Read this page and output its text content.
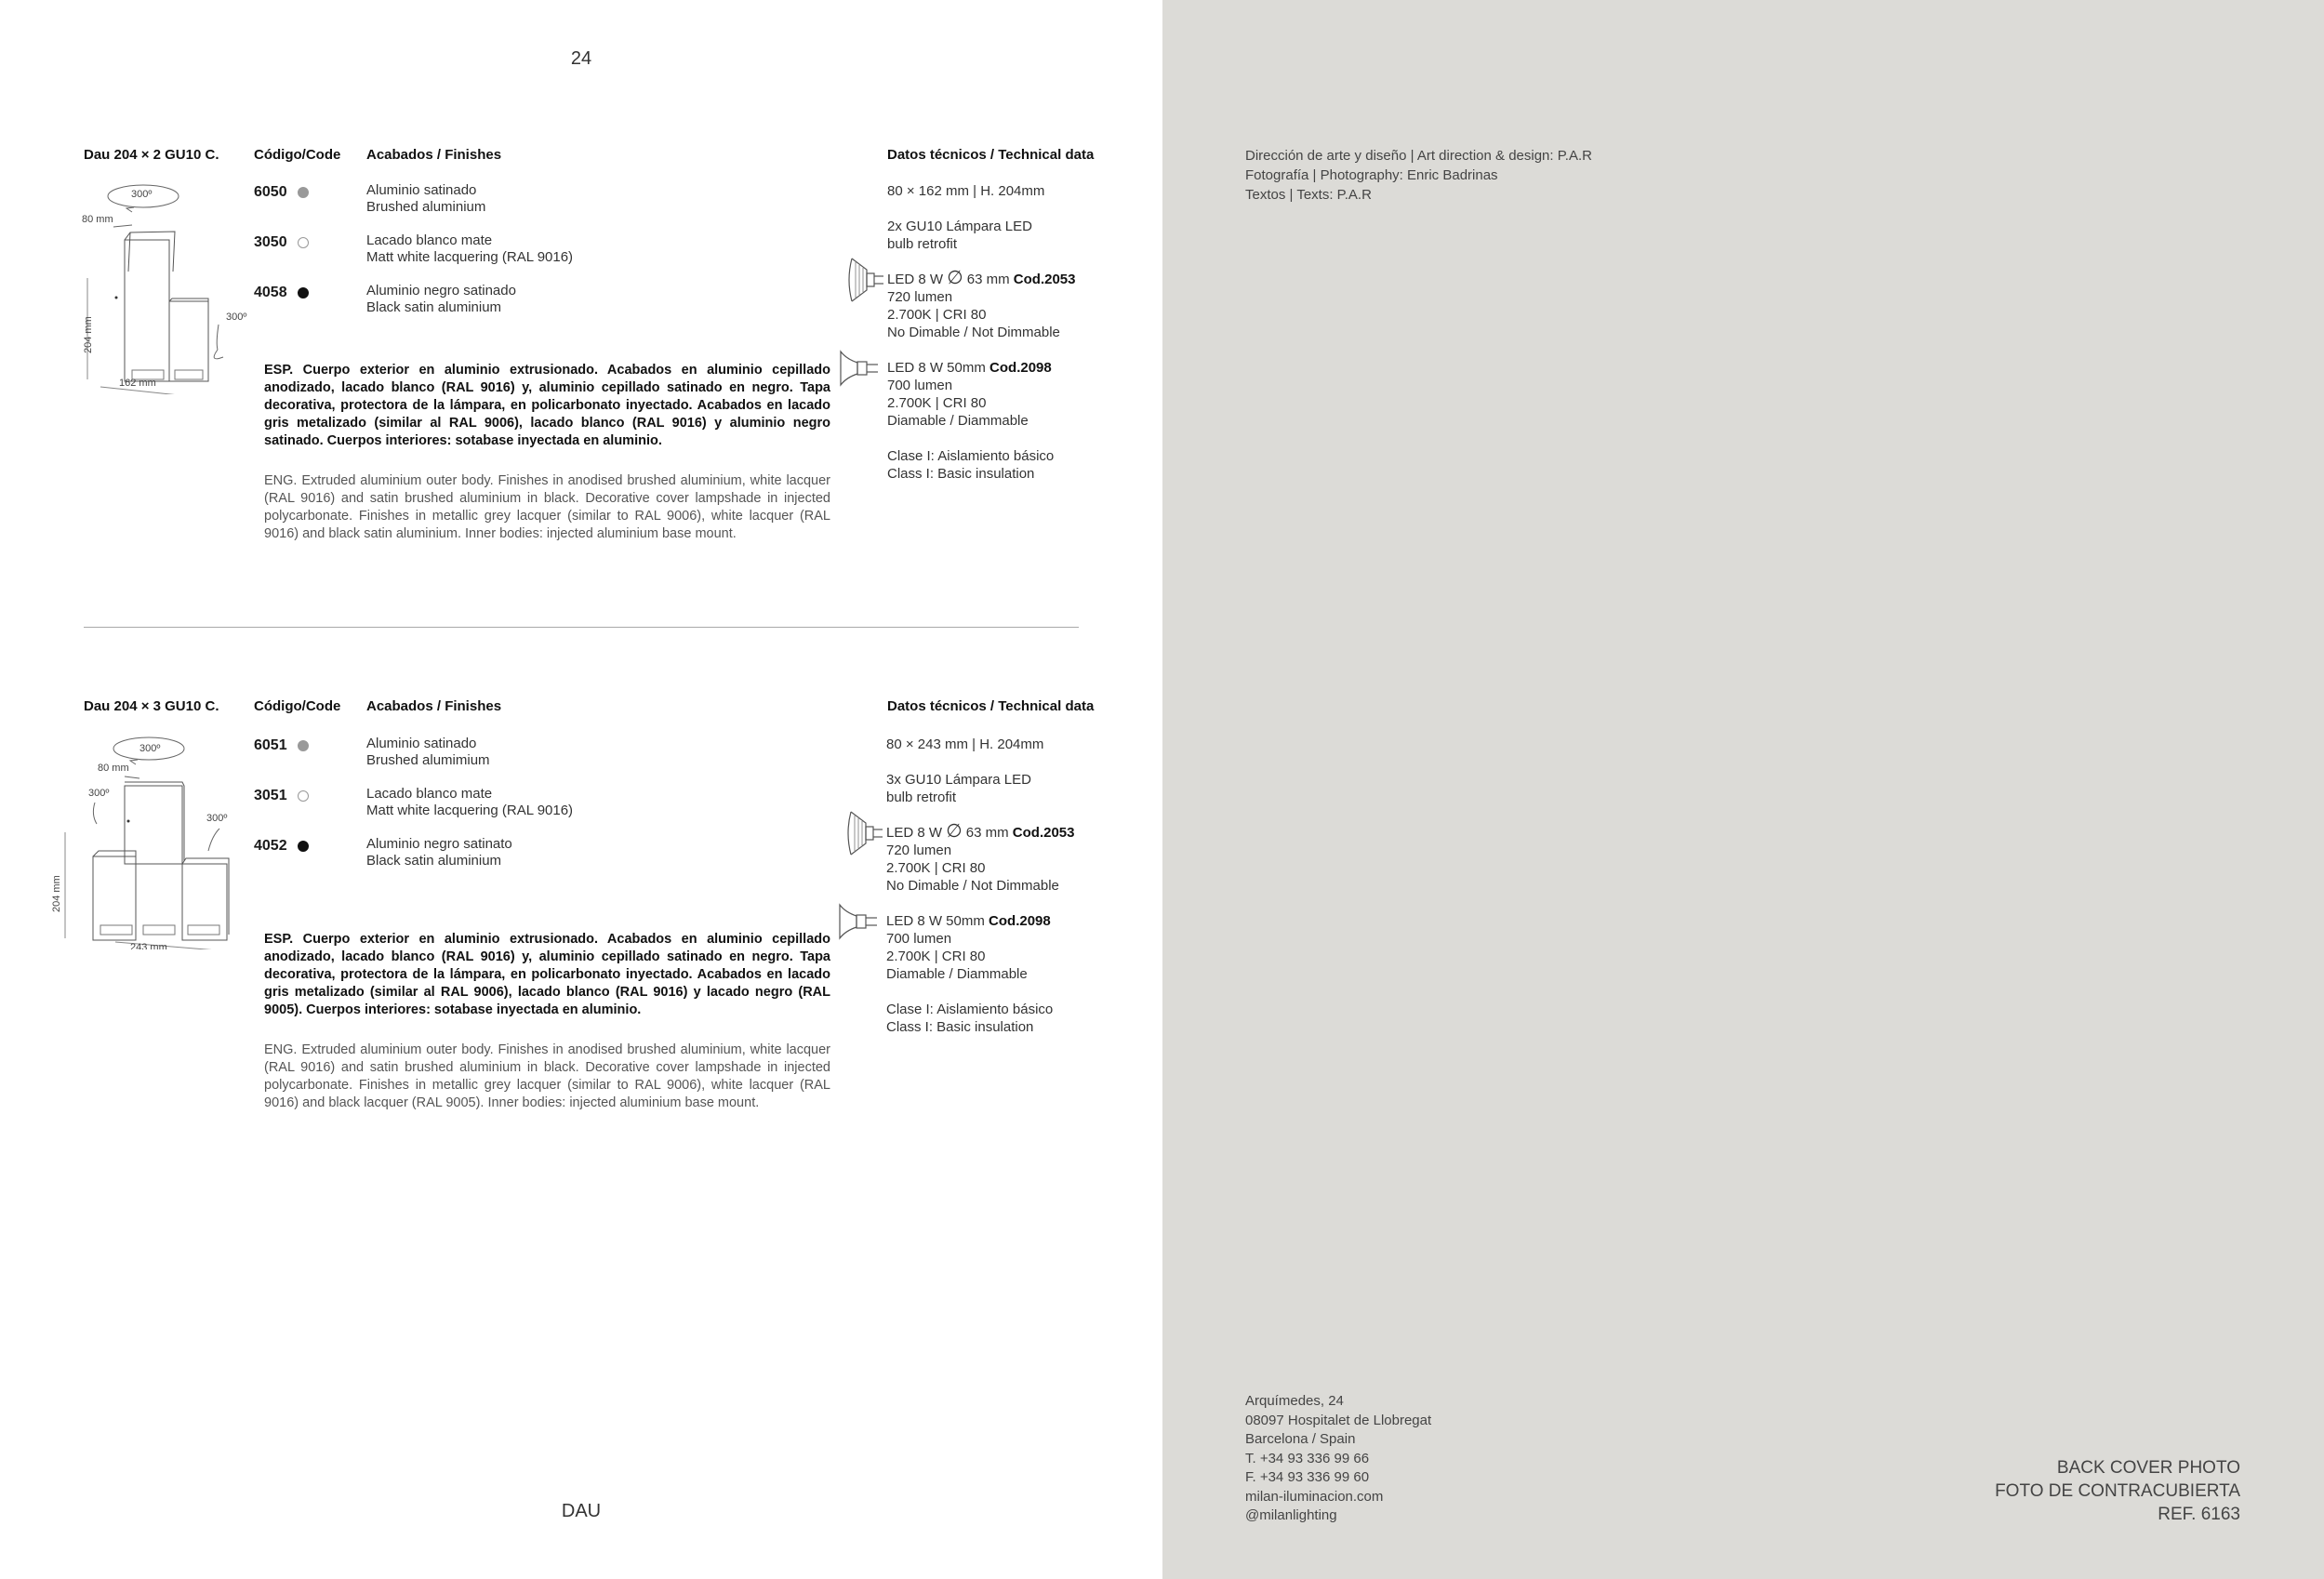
24
Dau 204 × 2 GU10 C.	Código/Code Acabados / Finishes	Datos técnicos / Technical data
300º
80 mm
300º
204 mm
162 mm
6050	Aluminio satinado
Brushed aluminium
3050	Lacado blanco mate
Matt white lacquering (RAL 9016)
4058	Aluminio negro satinado
Black satin aluminium

ESP. Cuerpo exterior en aluminio extrusionado. Acabados en aluminio cepillado anodizado, lacado blanco (RAL 9016) y, aluminio cepillado satinado en negro. Tapa decorativa, protectora de la lámpara, en policarbonato inyectado. Acabados en lacado gris metalizado (similar al RAL 9006), lacado blanco (RAL 9016) y aluminio negro satinado. Cuerpos interiores: sotabase inyectada en aluminio.

ENG. Extruded aluminium outer body. Finishes in anodised brushed aluminium, white lacquer (RAL 9016) and satin brushed aluminium in black. Decorative cover lampshade in injected polycarbonate. Finishes in metallic grey lacquer (similar to RAL 9006), white lacquer (RAL 9016) and black satin aluminium. Inner bodies: injected aluminium base mount.

80 × 162 mm | H. 204mm
2x GU10 Lámpara LED
bulb retrofit
LED 8 W ∅ 63 mm Cod.2053
720 lumen
2.700K | CRI 80
No Dimable / Not Dimmable
LED 8 W 50mm Cod.2098
700 lumen
2.700K | CRI 80
Diamable / Diammable
Clase I: Aislamiento básico
Class I: Basic insulation
Dau 204 × 3 GU10 C.	Código/Code Acabados / Finishes	Datos técnicos / Technical data
300º
80 mm
300º
300º
204 mm
243 mm
6051	Aluminio satinado
Brushed alumimium
3051	Lacado blanco mate
Matt white lacquering (RAL 9016)
4052	Aluminio negro satinato
Black satin aluminium

ESP. Cuerpo exterior en aluminio extrusionado. Acabados en aluminio cepillado anodizado, lacado blanco (RAL 9016) y, aluminio cepillado satinado en negro. Tapa decorativa, protectora de la lámpara, en policarbonato inyectado. Acabados en lacado gris metalizado (similar al RAL 9006), lacado blanco (RAL 9016) y lacado negro (RAL 9005). Cuerpos interiores: sotabase inyectada en aluminio.

ENG. Extruded aluminium outer body. Finishes in anodised brushed aluminium, white lacquer (RAL 9016) and satin brushed aluminium in black. Decorative cover lampshade in injected polycarbonate. Finishes in metallic grey lacquer (similar to RAL 9006), white lacquer (RAL 9016) and black lacquer (RAL 9005). Inner bodies: injected aluminium base mount.

80 × 243 mm | H. 204mm
3x GU10 Lámpara LED
bulb retrofit
LED 8 W ∅ 63 mm Cod.2053
720 lumen
2.700K | CRI 80
No Dimable / Not Dimmable
LED 8 W 50mm Cod.2098
700 lumen
2.700K | CRI 80
Diamable / Diammable
Clase I: Aislamiento básico
Class I: Basic insulation
DAU
Dirección de arte y diseño | Art direction & design: P.A.R
Fotografía | Photography: Enric Badrinas
Textos | Texts: P.A.R
Arquímedes, 24
08097 Hospitalet de Llobregat
Barcelona / Spain
T. +34 93 336 99 66
F. +34 93 336 99 60
milan-iluminacion.com
@milanlighting
BACK COVER PHOTO
FOTO DE CONTRACUBIERTA
REF. 6163
